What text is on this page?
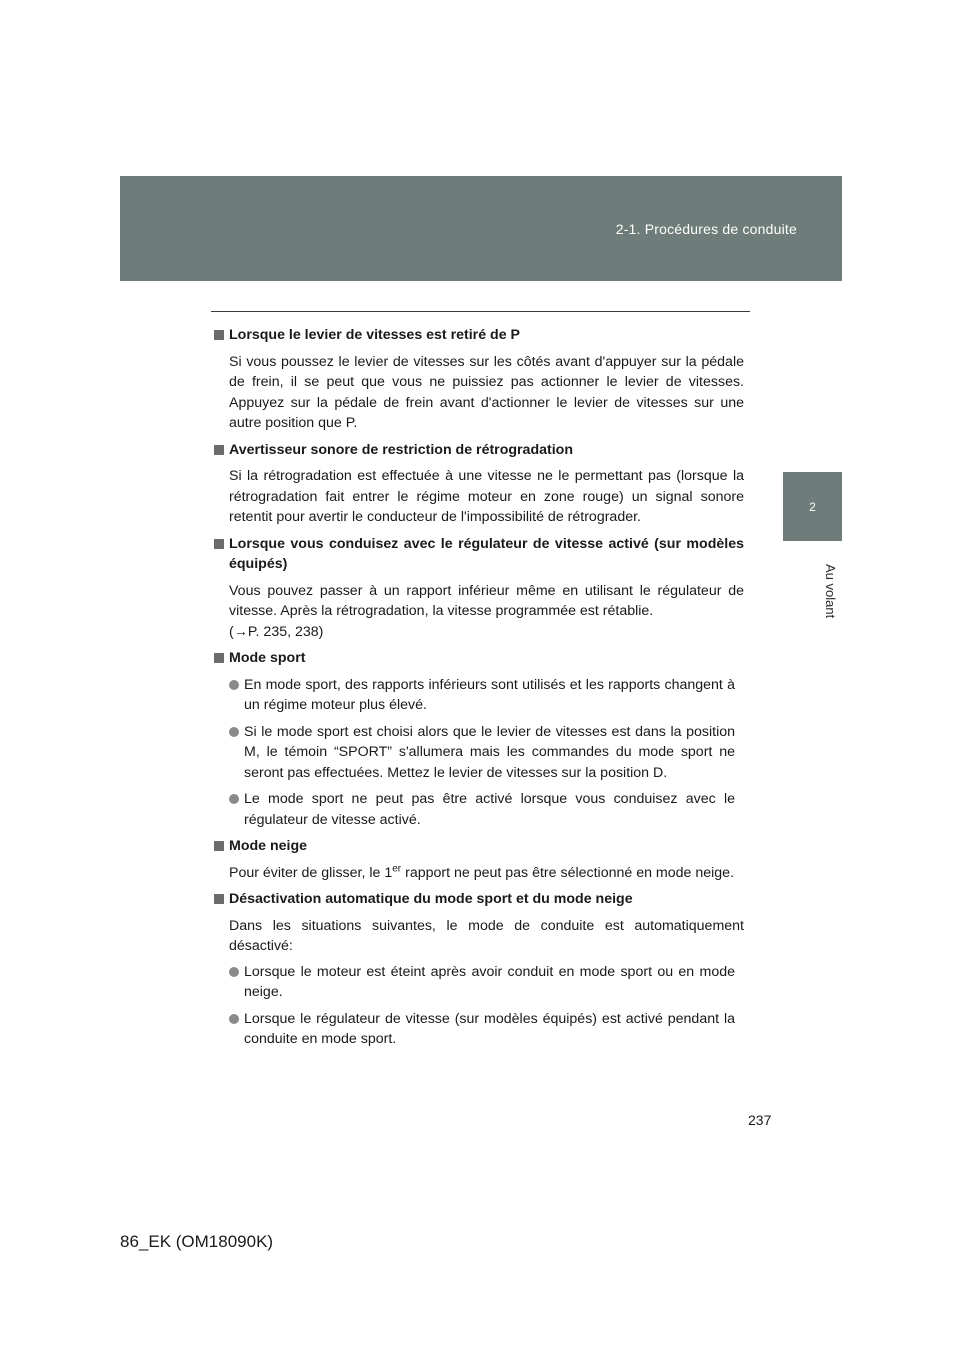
2-1. Procédures de conduite
2
Au volant
Lorsque le levier de vitesses est retiré de P

Si vous poussez le levier de vitesses sur les côtés avant d'appuyer sur la pédale de frein, il se peut que vous ne puissiez pas actionner le levier de vitesses. Appuyez sur la pédale de frein avant d'actionner le levier de vitesses sur une autre position que P.

Avertisseur sonore de restriction de rétrogradation

Si la rétrogradation est effectuée à une vitesse ne le permettant pas (lorsque la rétrogradation fait entrer le régime moteur en zone rouge) un signal sonore retentit pour avertir le conducteur de l'impossibilité de rétrograder.

Lorsque vous conduisez avec le régulateur de vitesse activé (sur modèles équipés)

Vous pouvez passer à un rapport inférieur même en utilisant le régulateur de vitesse. Après la rétrogradation, la vitesse programmée est rétablie.

(→P. 235, 238)

Mode sport
En mode sport, des rapports inférieurs sont utilisés et les rapports changent à un régime moteur plus élevé.
Si le mode sport est choisi alors que le levier de vitesses est dans la position M, le témoin “SPORT” s'allumera mais les commandes du mode sport ne seront pas effectuées. Mettez le levier de vitesses sur la position D.
Le mode sport ne peut pas être activé lorsque vous conduisez avec le régulateur de vitesse activé.
Mode neige

Pour éviter de glisser, le 1er rapport ne peut pas être sélectionné en mode neige.

Désactivation automatique du mode sport et du mode neige

Dans les situations suivantes, le mode de conduite est automatiquement désactivé:

Lorsque le moteur est éteint après avoir conduit en mode sport ou en mode neige.
Lorsque le régulateur de vitesse (sur modèles équipés) est activé pendant la conduite en mode sport.
237
86_EK (OM18090K)
